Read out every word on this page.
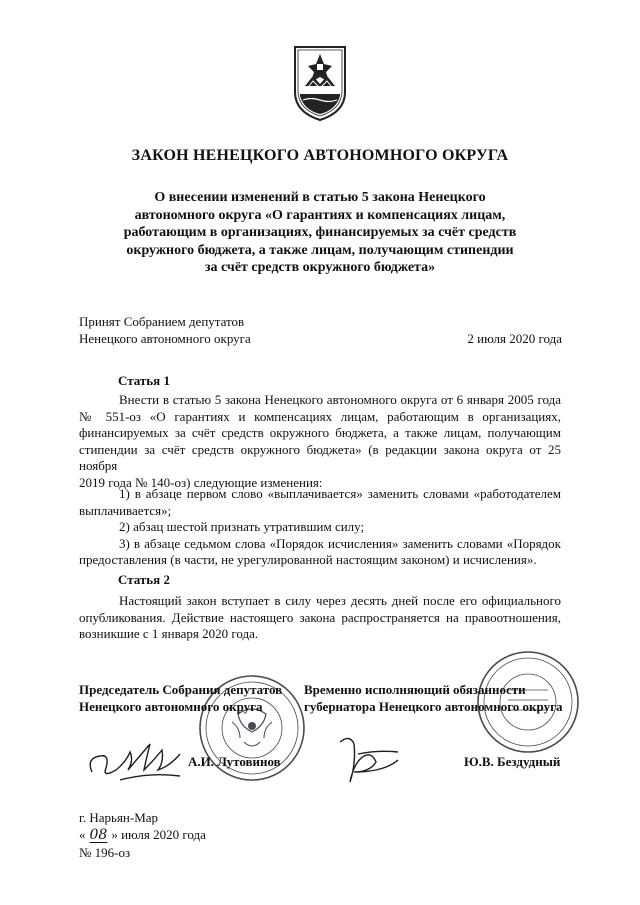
ЗАКОН НЕНЕЦКОГО АВТОНОМНОГО ОКРУГА
О внесении изменений в статью 5 закона Ненецкого
автономного округа «О гарантиях и компенсациях лицам,
работающим в организациях, финансируемых за счёт средств
окружного бюджета, а также лицам, получающим стипендии
за счёт средств окружного бюджета»
Принят Собранием депутатов
Ненецкого автономного округа	2 июля 2020 года
Статья 1
Внести в статью 5 закона Ненецкого автономного округа от 6 января 2005 года
№ 551-оз «О гарантиях и компенсациях лицам, работающим в организациях,
финансируемых за счёт средств окружного бюджета, а также лицам, получающим
стипендии за счёт средств окружного бюджета» (в редакции закона округа от 25 ноября
2019 года № 140-оз) следующие изменения:
1) в абзаце первом слово «выплачивается» заменить словами «работодателем
выплачивается»;
2) абзац шестой признать утратившим силу;
3) в абзаце седьмом слова «Порядок исчисления» заменить словами «Порядок
предоставления (в части, не урегулированной настоящим законом) и исчисления».
Статья 2
Настоящий закон вступает в силу через десять дней после его официального
опубликования. Действие настоящего закона распространяется на правоотношения,
возникшие с 1 января 2020 года.
Председатель Собрания депутатов
Ненецкого автономного округа
Временно исполняющий обязанности
губернатора Ненецкого автономного округа
А.И. Лутовинов	Ю.В. Бездудный
г. Нарьян-Мар
« 08 » июля 2020 года
№ 196-оз
